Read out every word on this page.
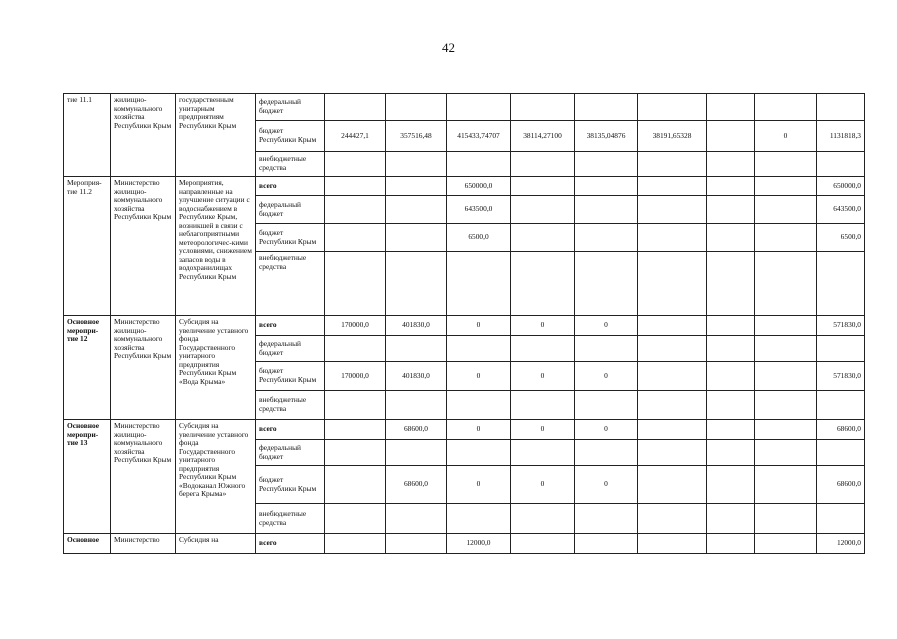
42
тие 11.1	жилищно-коммунального хозяйства Республики Крым	государственным унитарным предприятиям Республики Крым	федеральный бюджет									
			бюджет Республики Крым	244427,1	357516,48	415433,74707	38114,27100	38135,04876	38191,65328		0	1131818,3
			внебюджетные средства									
Мероприя-тие 11.2	Министерство жилищно-коммунального хозяйства Республики Крым	Мероприятия, направленные на улучшение ситуации с водоснабжением в Республике Крым, возникшей в связи с неблагоприятными метеорологичес-кими условиями, снижением запасов воды в водохранилищах Республики Крым	всего			650000,0						650000,0
			федеральный бюджет			643500,0						643500,0
			бюджет Республики Крым			6500,0						6500,0
			внебюджетные средства									
Основное меропри-тие 12	Министерство жилищно-коммунального хозяйства Республики Крым	Субсидия на увеличение уставного фонда Государственного унитарного предприятия Республики Крым «Вода Крыма»	всего	170000,0	401830,0	0	0	0				571830,0
			федеральный бюджет									
			бюджет Республики Крым	170000,0	401830,0	0	0	0				571830,0
			внебюджетные средства									
Основное меропри-тие 13	Министерство жилищно-коммунального хозяйства Республики Крым	Субсидия на увеличение уставного фонда Государственного унитарного предприятия Республики Крым «Водоканал Южного берега Крыма»	всего		68600,0	0	0	0				68600,0
			федеральный бюджет									
			бюджет Республики Крым		68600,0	0	0	0				68600,0
			внебюджетные средства									
Основное	Министерство	Субсидия на	всего			12000,0						12000,0
